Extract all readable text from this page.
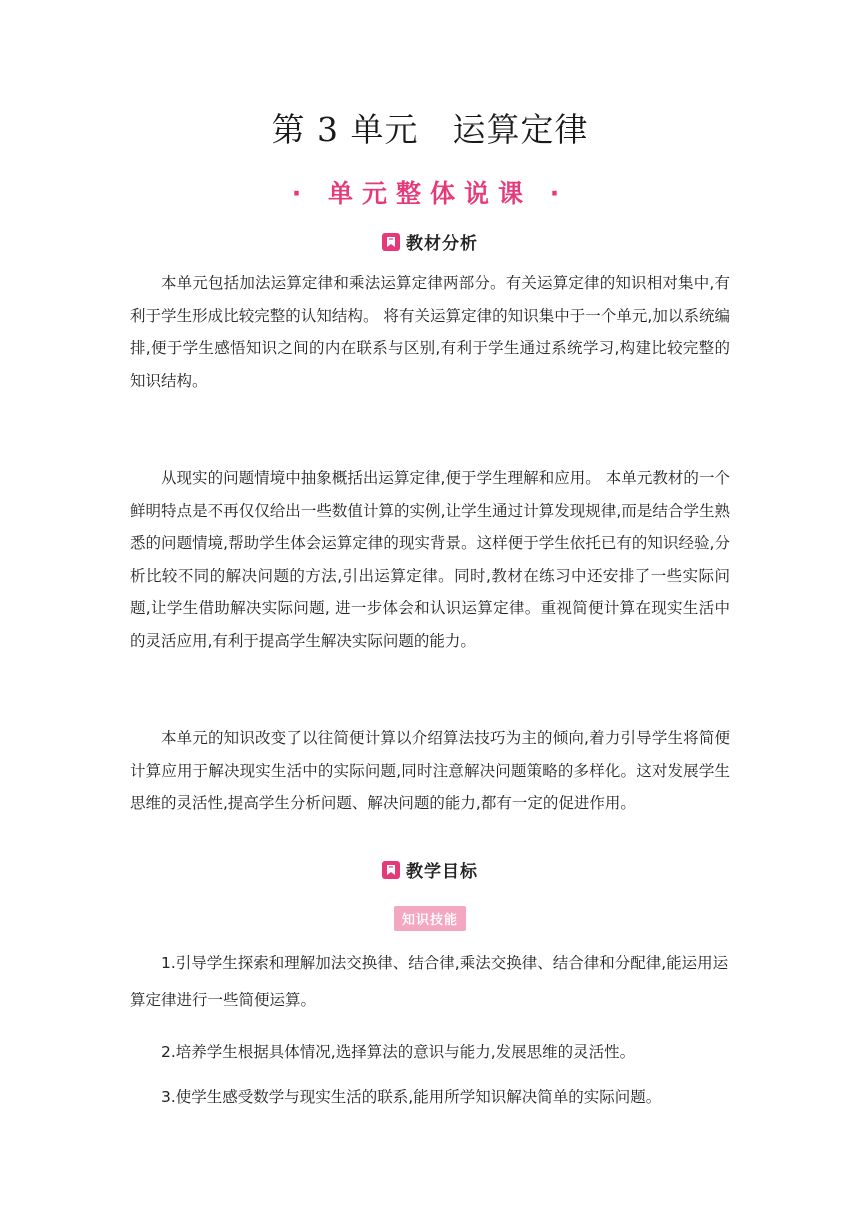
第 3 单元　运算定律
· 单元整体说课 ·
教材分析

本单元包括加法运算定律和乘法运算定律两部分。有关运算定律的知识相对集中,有利于学生形成比较完整的认知结构。 将有关运算定律的知识集中于一个单元,加以系统编排,便于学生感悟知识之间的内在联系与区别,有利于学生通过系统学习,构建比较完整的知识结构。

从现实的问题情境中抽象概括出运算定律,便于学生理解和应用。 本单元教材的一个鲜明特点是不再仅仅给出一些数值计算的实例,让学生通过计算发现规律,而是结合学生熟悉的问题情境,帮助学生体会运算定律的现实背景。这样便于学生依托已有的知识经验,分析比较不同的解决问题的方法,引出运算定律。同时,教材在练习中还安排了一些实际问题,让学生借助解决实际问题, 进一步体会和认识运算定律。重视简便计算在现实生活中的灵活应用,有利于提高学生解决实际问题的能力。

本单元的知识改变了以往简便计算以介绍算法技巧为主的倾向,着力引导学生将简便计算应用于解决现实生活中的实际问题,同时注意解决问题策略的多样化。这对发展学生思维的灵活性,提高学生分析问题、解决问题的能力,都有一定的促进作用。

教学目标
知识技能

1.引导学生探索和理解加法交换律、结合律,乘法交换律、结合律和分配律,能运用运算定律进行一些简便运算。

2.培养学生根据具体情况,选择算法的意识与能力,发展思维的灵活性。

3.使学生感受数学与现实生活的联系,能用所学知识解决简单的实际问题。
